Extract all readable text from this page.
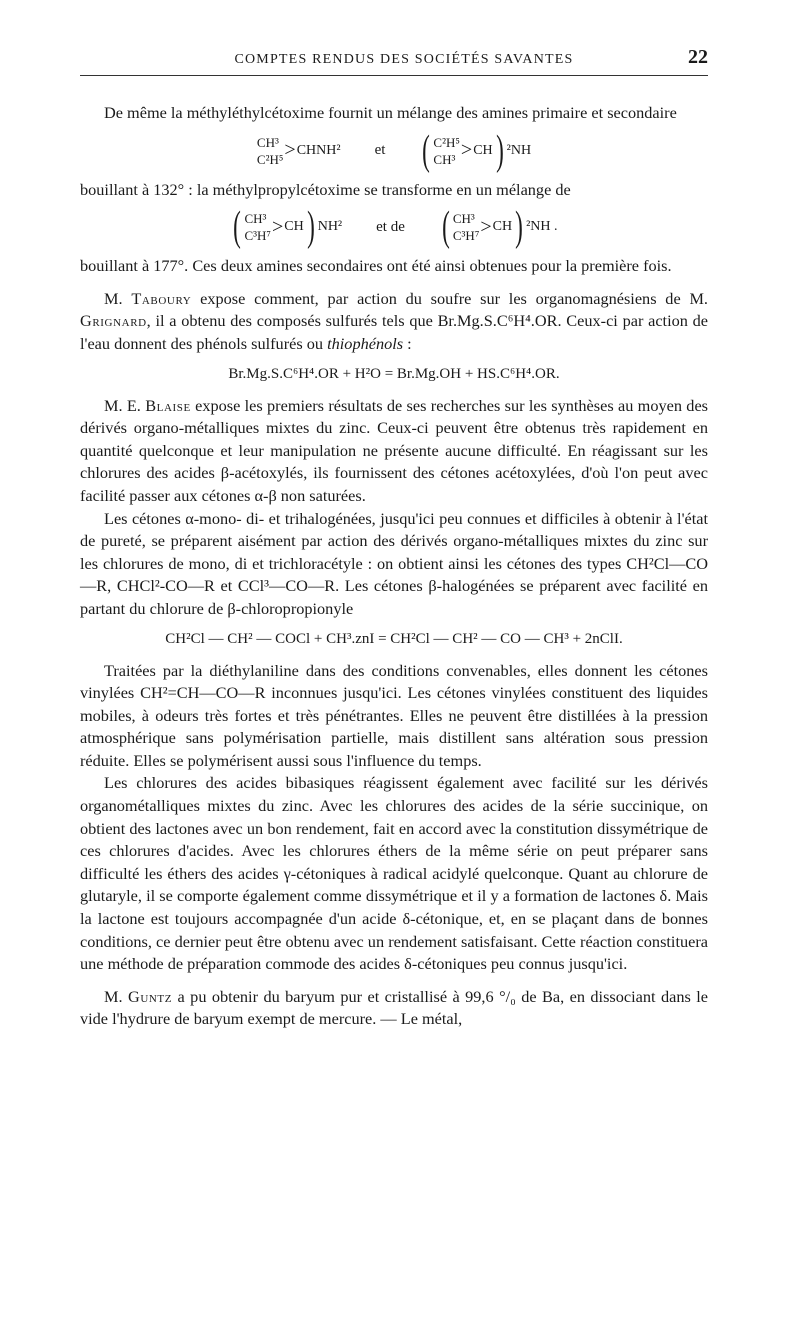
COMPTES RENDUS DES SOCIÉTÉS SAVANTES	22

De même la méthyléthylcétoxime fournit un mélange des amines primaire et secondaire

CH³
C²H⁵ > CHNH² et ( C²H⁵
CH³ > CH ) ² NH

bouillant à 132° : la méthylpropylcétoxime se transforme en un mélange de

( CH³
C³H⁷ > CH ) NH² et de ( CH³
C³H⁷ > CH ) ² NH .

bouillant à 177°. Ces deux amines secondaires ont été ainsi obtenues pour la première fois.

M. Taboury expose comment, par action du soufre sur les organomagnésiens de M. Grignard, il a obtenu des composés sulfurés tels que Br.Mg.S.C⁶H⁴.OR. Ceux-ci par action de l'eau donnent des phénols sulfurés ou thiophénols :

Br.Mg.S.C⁶H⁴.OR + H²O = Br.Mg.OH + HS.C⁶H⁴.OR.

M. E. Blaise expose les premiers résultats de ses recherches sur les synthèses au moyen des dérivés organo-métalliques mixtes du zinc. Ceux-ci peuvent être obtenus très rapidement en quantité quelconque et leur manipulation ne présente aucune difficulté. En réagissant sur les chlorures des acides β-acétoxylés, ils fournissent des cétones acétoxylées, d'où l'on peut avec facilité passer aux cétones α-β non saturées.

Les cétones α-mono- di- et trihalogénées, jusqu'ici peu connues et difficiles à obtenir à l'état de pureté, se préparent aisément par action des dérivés organo-métalliques mixtes du zinc sur les chlorures de mono, di et trichloracétyle : on obtient ainsi les cétones des types CH²Cl—CO—R, CHCl²-CO—R et CCl³—CO—R. Les cétones β-halogénées se préparent avec facilité en partant du chlorure de β-chloropropionyle

CH²Cl — CH² — COCl + CH³.znI = CH²Cl — CH² — CO — CH³ + 2nClI.

Traitées par la diéthylaniline dans des conditions convenables, elles donnent les cétones vinylées CH²=CH—CO—R inconnues jusqu'ici. Les cétones vinylées constituent des liquides mobiles, à odeurs très fortes et très pénétrantes. Elles ne peuvent être distillées à la pression atmosphérique sans polymérisation partielle, mais distillent sans altération sous pression réduite. Elles se polymérisent aussi sous l'influence du temps.

Les chlorures des acides bibasiques réagissent également avec facilité sur les dérivés organométalliques mixtes du zinc. Avec les chlorures des acides de la série succinique, on obtient des lactones avec un bon rendement, fait en accord avec la constitution dissymétrique de ces chlorures d'acides. Avec les chlorures éthers de la même série on peut préparer sans difficulté les éthers des acides γ-cétoniques à radical acidylé quelconque. Quant au chlorure de glutaryle, il se comporte également comme dissymétrique et il y a formation de lactones δ. Mais la lactone est toujours accompagnée d'un acide δ-cétonique, et, en se plaçant dans de bonnes conditions, ce dernier peut être obtenu avec un rendement satisfaisant. Cette réaction constituera une méthode de préparation commode des acides δ-cétoniques peu connus jusqu'ici.

M. Guntz a pu obtenir du baryum pur et cristallisé à 99,6 °/₀ de Ba, en dissociant dans le vide l'hydrure de baryum exempt de mercure. — Le métal,
